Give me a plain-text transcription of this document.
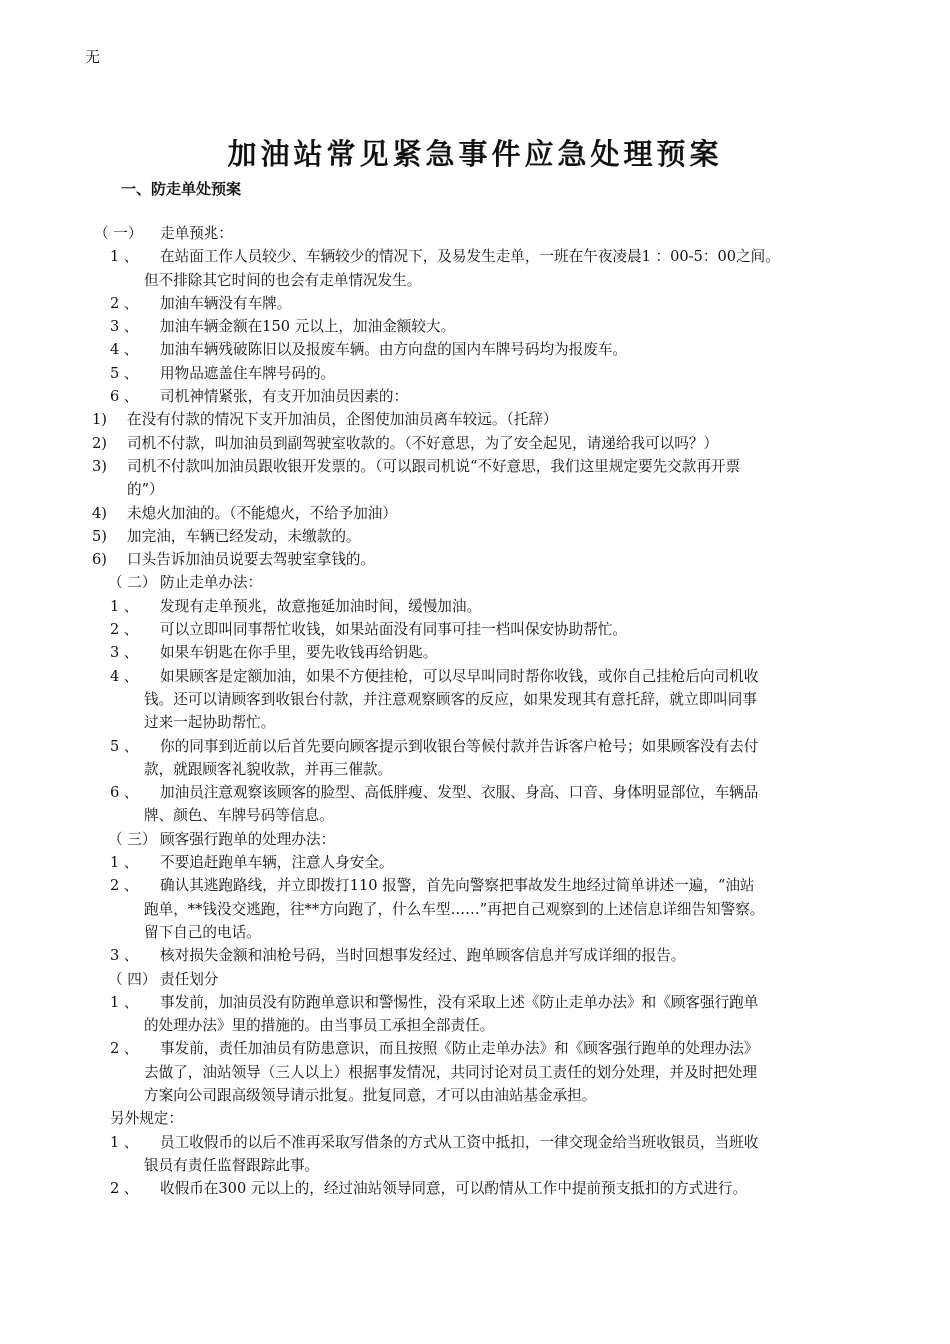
无
加油站常见紧急事件应急处理预案
一、防走单处预案
（ 一） 走单预兆：
1 、 在站面工作人员较少、车辆较少的情况下，及易发生走单，一班在午夜凌晨1 ：00-5：00之间。
但不排除其它时间的也会有走单情况发生。
2 、 加油车辆没有车牌。
3 、 加油车辆金额在150 元以上，加油金额较大。
4 、 加油车辆残破陈旧以及报废车辆。由方向盘的国内车牌号码均为报废车。
5 、 用物品遮盖住车牌号码的。
6 、 司机神情紧张，有支开加油员因素的：
1) 在没有付款的情况下支开加油员，企图使加油员离车较远。（托辞）
2) 司机不付款，叫加油员到副驾驶室收款的。（不好意思，为了安全起见，请递给我可以吗？）
3) 司机不付款叫加油员跟收银开发票的。（可以跟司机说“不好意思，我们这里规定要先交款再开票
的”）
4) 未熄火加油的。（不能熄火，不给予加油）
5) 加完油，车辆已经发动，未缴款的。
6) 口头告诉加油员说要去驾驶室拿钱的。
（ 二） 防止走单办法：
1 、 发现有走单预兆，故意拖延加油时间，缓慢加油。
2 、 可以立即叫同事帮忙收钱，如果站面没有同事可挂一档叫保安协助帮忙。
3 、 如果车钥匙在你手里，要先收钱再给钥匙。
4 、 如果顾客是定额加油，如果不方便挂枪，可以尽早叫同时帮你收钱，或你自己挂枪后向司机收
钱。还可以请顾客到收银台付款，并注意观察顾客的反应，如果发现其有意托辞，就立即叫同事
过来一起协助帮忙。
5 、 你的同事到近前以后首先要向顾客提示到收银台等候付款并告诉客户枪号；如果顾客没有去付
款，就跟顾客礼貌收款，并再三催款。
6 、 加油员注意观察该顾客的脸型、高低胖瘦、发型、衣服、身高、口音、身体明显部位，车辆品
牌、颜色、车牌号码等信息。
（ 三） 顾客强行跑单的处理办法：
1 、 不要追赶跑单车辆，注意人身安全。
2 、 确认其逃跑路线，并立即拨打110 报警，首先向警察把事故发生地经过简单讲述一遍，“油站
跑单，**钱没交逃跑，往**方向跑了，什么车型……”再把自己观察到的上述信息详细告知警察。
留下自己的电话。
3 、 核对损失金额和油枪号码，当时回想事发经过、跑单顾客信息并写成详细的报告。
（ 四） 责任划分
1 、 事发前，加油员没有防跑单意识和警惕性，没有采取上述《防止走单办法》和《顾客强行跑单
的处理办法》里的措施的。由当事员工承担全部责任。
2 、 事发前，责任加油员有防患意识，而且按照《防止走单办法》和《顾客强行跑单的处理办法》
去做了，油站领导（三人以上）根据事发情况，共同讨论对员工责任的划分处理，并及时把处理
方案向公司跟高级领导请示批复。批复同意，才可以由油站基金承担。
另外规定：
1 、 员工收假币的以后不准再采取写借条的方式从工资中抵扣，一律交现金给当班收银员，当班收
银员有责任监督跟踪此事。
2 、 收假币在300 元以上的，经过油站领导同意，可以酌情从工作中提前预支抵扣的方式进行。
